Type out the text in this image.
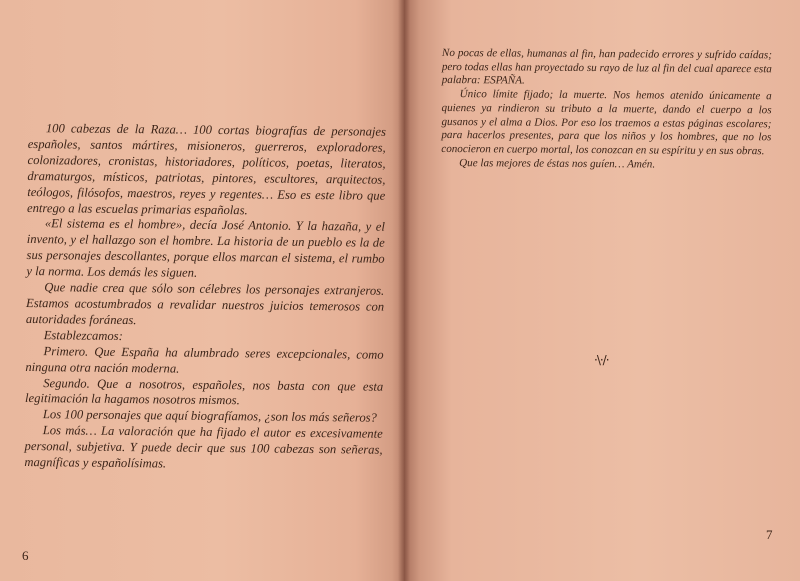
100 cabezas de la Raza… 100 cortas biografías de personajes españoles, santos mártires, misioneros, guerreros, exploradores, colonizadores, cronistas, historiadores, políticos, poetas, literatos, dramaturgos, místicos, patriotas, pintores, escultores, arquitectos, teólogos, filósofos, maestros, reyes y regentes… Eso es este libro que entrego a las escuelas primarias españolas.

«El sistema es el hombre», decía José Antonio. Y la hazaña, y el invento, y el hallazgo son el hombre. La historia de un pueblo es la de sus personajes descollantes, porque ellos marcan el sistema, el rumbo y la norma. Los demás les siguen.

Que nadie crea que sólo son célebres los personajes extranjeros. Estamos acostumbrados a revalidar nuestros juicios temerosos con autoridades foráneas.

Establezcamos:

Primero. Que España ha alumbrado seres excepcionales, como ninguna otra nación moderna.

Segundo. Que a nosotros, españoles, nos basta con que esta legitimación la hagamos nosotros mismos.

Los 100 personajes que aquí biografíamos, ¿son los más señeros?

Los más… La valoración que ha fijado el autor es excesivamente personal, subjetiva. Y puede decir que sus 100 cabezas son señeras, magníficas y españolísimas.

6

No pocas de ellas, humanas al fin, han padecido errores y sufrido caídas; pero todas ellas han proyectado su rayo de luz al fin del cual aparece esta palabra: ESPAÑA.

Único límite fijado; la muerte. Nos hemos atenido únicamente a quienes ya rindieron su tributo a la muerte, dando el cuerpo a los gusanos y el alma a Dios. Por eso los traemos a estas páginas escolares; para hacerlos presentes, para que los niños y los hombres, que no los conocieron en cuerpo mortal, los conozcan en su espíritu y en sus obras.

Que las mejores de éstas nos guíen… Amén.

·\·/·
7
